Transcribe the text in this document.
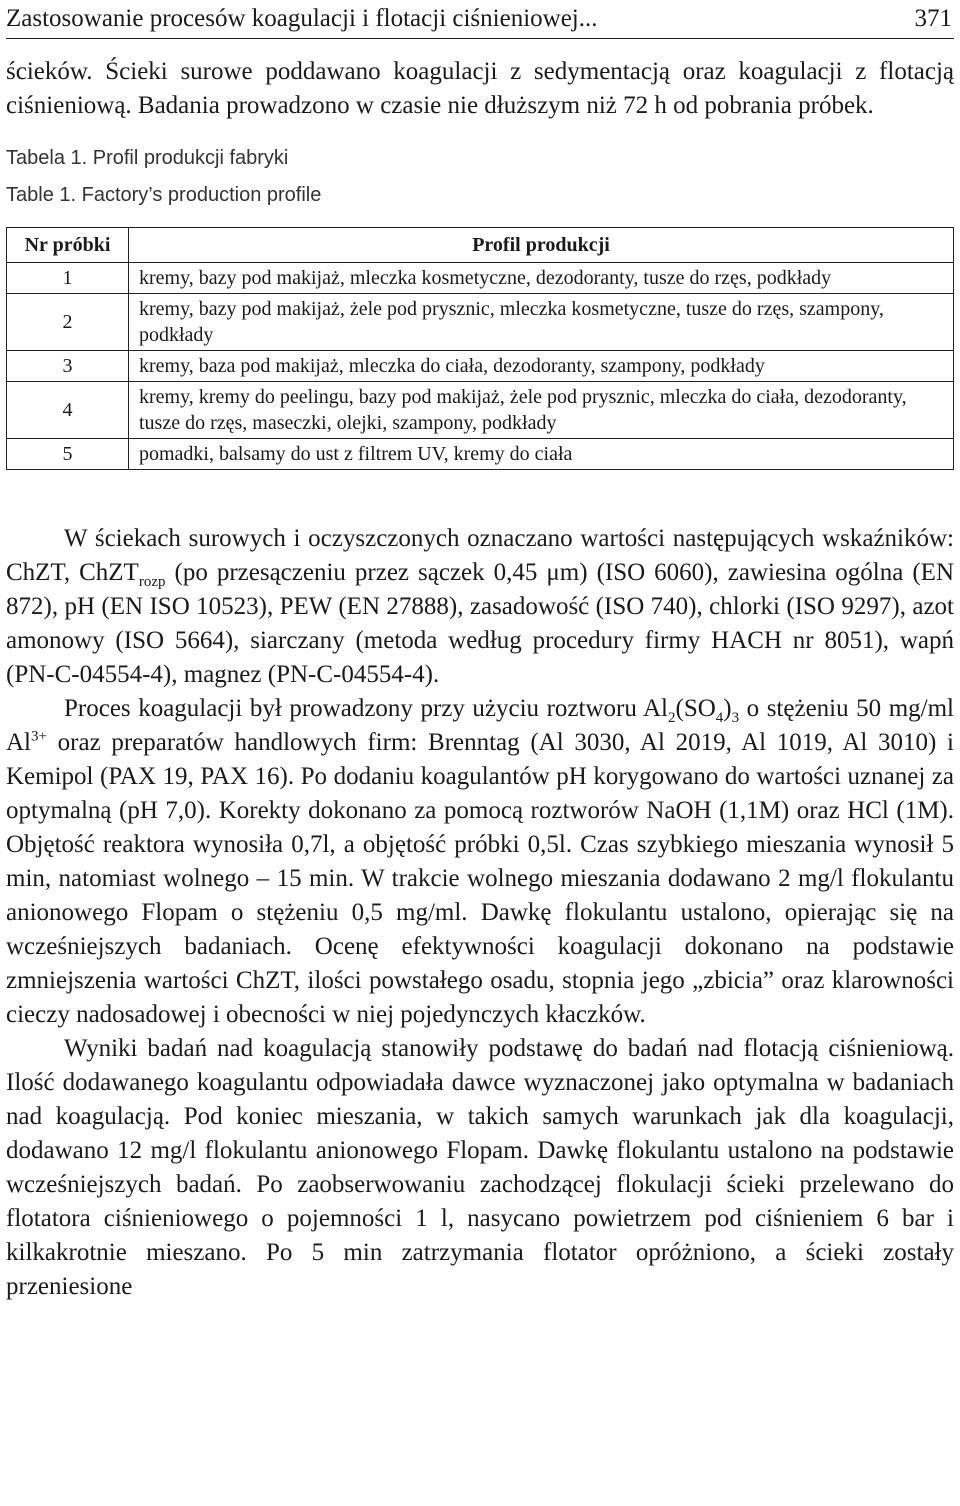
Zastosowanie procesów koagulacji i flotacji ciśnieniowej...	371

ścieków. Ścieki surowe poddawano koagulacji z sedymentacją oraz koagulacji z flotacją ciśnieniową. Badania prowadzono w czasie nie dłuższym niż 72 h od pobrania próbek.

Tabela 1. Profil produkcji fabryki

Table 1. Factory’s production profile

Nr próbki	Profil produkcji
1	kremy, bazy pod makijaż, mleczka kosmetyczne, dezodoranty, tusze do rzęs, podkłady
2	kremy, bazy pod makijaż, żele pod prysznic, mleczka kosmetyczne, tusze do rzęs, szampony, podkłady
3	kremy, baza pod makijaż, mleczka do ciała, dezodoranty, szampony, podkłady
4	kremy, kremy do peelingu, bazy pod makijaż, żele pod prysznic, mleczka do ciała, dezodoranty, tusze do rzęs, maseczki, olejki, szampony, podkłady
5	pomadki, balsamy do ust z filtrem UV, kremy do ciała

W ściekach surowych i oczyszczonych oznaczano wartości następujących wskaźników: ChZT, ChZT$_{rozp}$ (po przesączeniu przez sączek 0,45 μm) (ISO 6060), zawiesina ogólna (EN 872), pH (EN ISO 10523), PEW (EN 27888), zasadowość (ISO 740), chlorki (ISO 9297), azot amonowy (ISO 5664), siarczany (metoda według procedury firmy HACH nr 8051), wapń (PN-C-04554-4), magnez (PN-C-04554-4).

Proces koagulacji był prowadzony przy użyciu roztworu $Al_2(SO_4)_3$ o stężeniu 50 mg/ml $Al^{3+}$ oraz preparatów handlowych firm: Brenntag (Al 3030, Al 2019, Al 1019, Al 3010) i Kemipol (PAX 19, PAX 16). Po dodaniu koagulantów pH korygowano do wartości uznanej za optymalną (pH 7,0). Korekty dokonano za pomocą roztworów NaOH (1,1M) oraz HCl (1M). Objętość reaktora wynosiła 0,7l, a objętość próbki 0,5l. Czas szybkiego mieszania wynosił 5 min, natomiast wolnego – 15 min. W trakcie wolnego mieszania dodawano 2 mg/l flokulantu anionowego Flopam o stężeniu 0,5 mg/ml. Dawkę flokulantu ustalono, opierając się na wcześniejszych badaniach. Ocenę efektywności koagulacji dokonano na podstawie zmniejszenia wartości ChZT, ilości powstałego osadu, stopnia jego „zbicia” oraz klarowności cieczy nadosadowej i obecności w niej pojedynczych kłaczków.

Wyniki badań nad koagulacją stanowiły podstawę do badań nad flotacją ciśnieniową. Ilość dodawanego koagulantu odpowiadała dawce wyznaczonej jako optymalna w badaniach nad koagulacją. Pod koniec mieszania, w takich samych warunkach jak dla koagulacji, dodawano 12 mg/l flokulantu anionowego Flopam. Dawkę flokulantu ustalono na podstawie wcześniejszych badań. Po zaobserwowaniu zachodzącej flokulacji ścieki przelewano do flotatora ciśnieniowego o pojemności 1 l, nasycano powietrzem pod ciśnieniem 6 bar i kilkakrotnie mieszano. Po 5 min zatrzymania flotator opróżniono, a ścieki zostały przeniesione
